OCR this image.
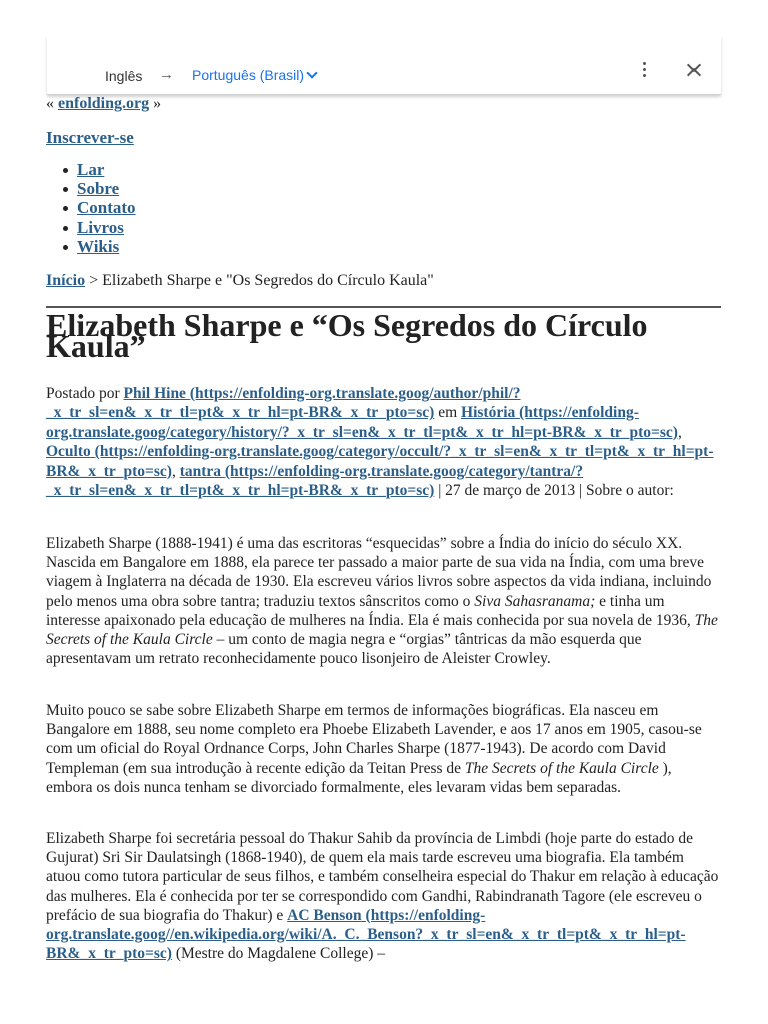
Inglês → Português (Brasil)
« enfolding.org »
Inscrever-se
Lar
Sobre
Contato
Livros
Wikis
Início > Elizabeth Sharpe e "Os Segredos do Círculo Kaula"
Elizabeth Sharpe e “Os Segredos do Círculo Kaula”
Postado por Phil Hine (https://enfolding-org.translate.goog/author/phil/?_x_tr_sl=en&_x_tr_tl=pt&_x_tr_hl=pt-BR&_x_tr_pto=sc) em História (https://enfolding-org.translate.goog/category/history/?_x_tr_sl=en&_x_tr_tl=pt&_x_tr_hl=pt-BR&_x_tr_pto=sc), Oculto (https://enfolding-org.translate.goog/category/occult/?_x_tr_sl=en&_x_tr_tl=pt&_x_tr_hl=pt-BR&_x_tr_pto=sc), tantra (https://enfolding-org.translate.goog/category/tantra/?_x_tr_sl=en&_x_tr_tl=pt&_x_tr_hl=pt-BR&_x_tr_pto=sc) | 27 de março de 2013 | Sobre o autor:

Elizabeth Sharpe (1888-1941) é uma das escritoras “esquecidas” sobre a Índia do início do século XX. Nascida em Bangalore em 1888, ela parece ter passado a maior parte de sua vida na Índia, com uma breve viagem à Inglaterra na década de 1930. Ela escreveu vários livros sobre aspectos da vida indiana, incluindo pelo menos uma obra sobre tantra; traduziu textos sânscritos como o Siva Sahasranama; e tinha um interesse apaixonado pela educação de mulheres na Índia. Ela é mais conhecida por sua novela de 1936, The Secrets of the Kaula Circle – um conto de magia negra e “orgias” tântricas da mão esquerda que apresentavam um retrato reconhecidamente pouco lisonjeiro de Aleister Crowley.

Muito pouco se sabe sobre Elizabeth Sharpe em termos de informações biográficas. Ela nasceu em Bangalore em 1888, seu nome completo era Phoebe Elizabeth Lavender, e aos 17 anos em 1905, casou-se com um oficial do Royal Ordnance Corps, John Charles Sharpe (1877-1943). De acordo com David Templeman (em sua introdução à recente edição da Teitan Press de The Secrets of the Kaula Circle ), embora os dois nunca tenham se divorciado formalmente, eles levaram vidas bem separadas.

Elizabeth Sharpe foi secretária pessoal do Thakur Sahib da província de Limbdi (hoje parte do estado de Gujurat) Sri Sir Daulatsingh (1868-1940), de quem ela mais tarde escreveu uma biografia. Ela também atuou como tutora particular de seus filhos, e também conselheira especial do Thakur em relação à educação das mulheres. Ela é conhecida por ter se correspondido com Gandhi, Rabindranath Tagore (ele escreveu o prefácio de sua biografia do Thakur) e AC Benson (https://enfolding-org.translate.goog//en.wikipedia.org/wiki/A._C._Benson?_x_tr_sl=en&_x_tr_tl=pt&_x_tr_hl=pt-BR&_x_tr_pto=sc) (Mestre do Magdalene College) –
